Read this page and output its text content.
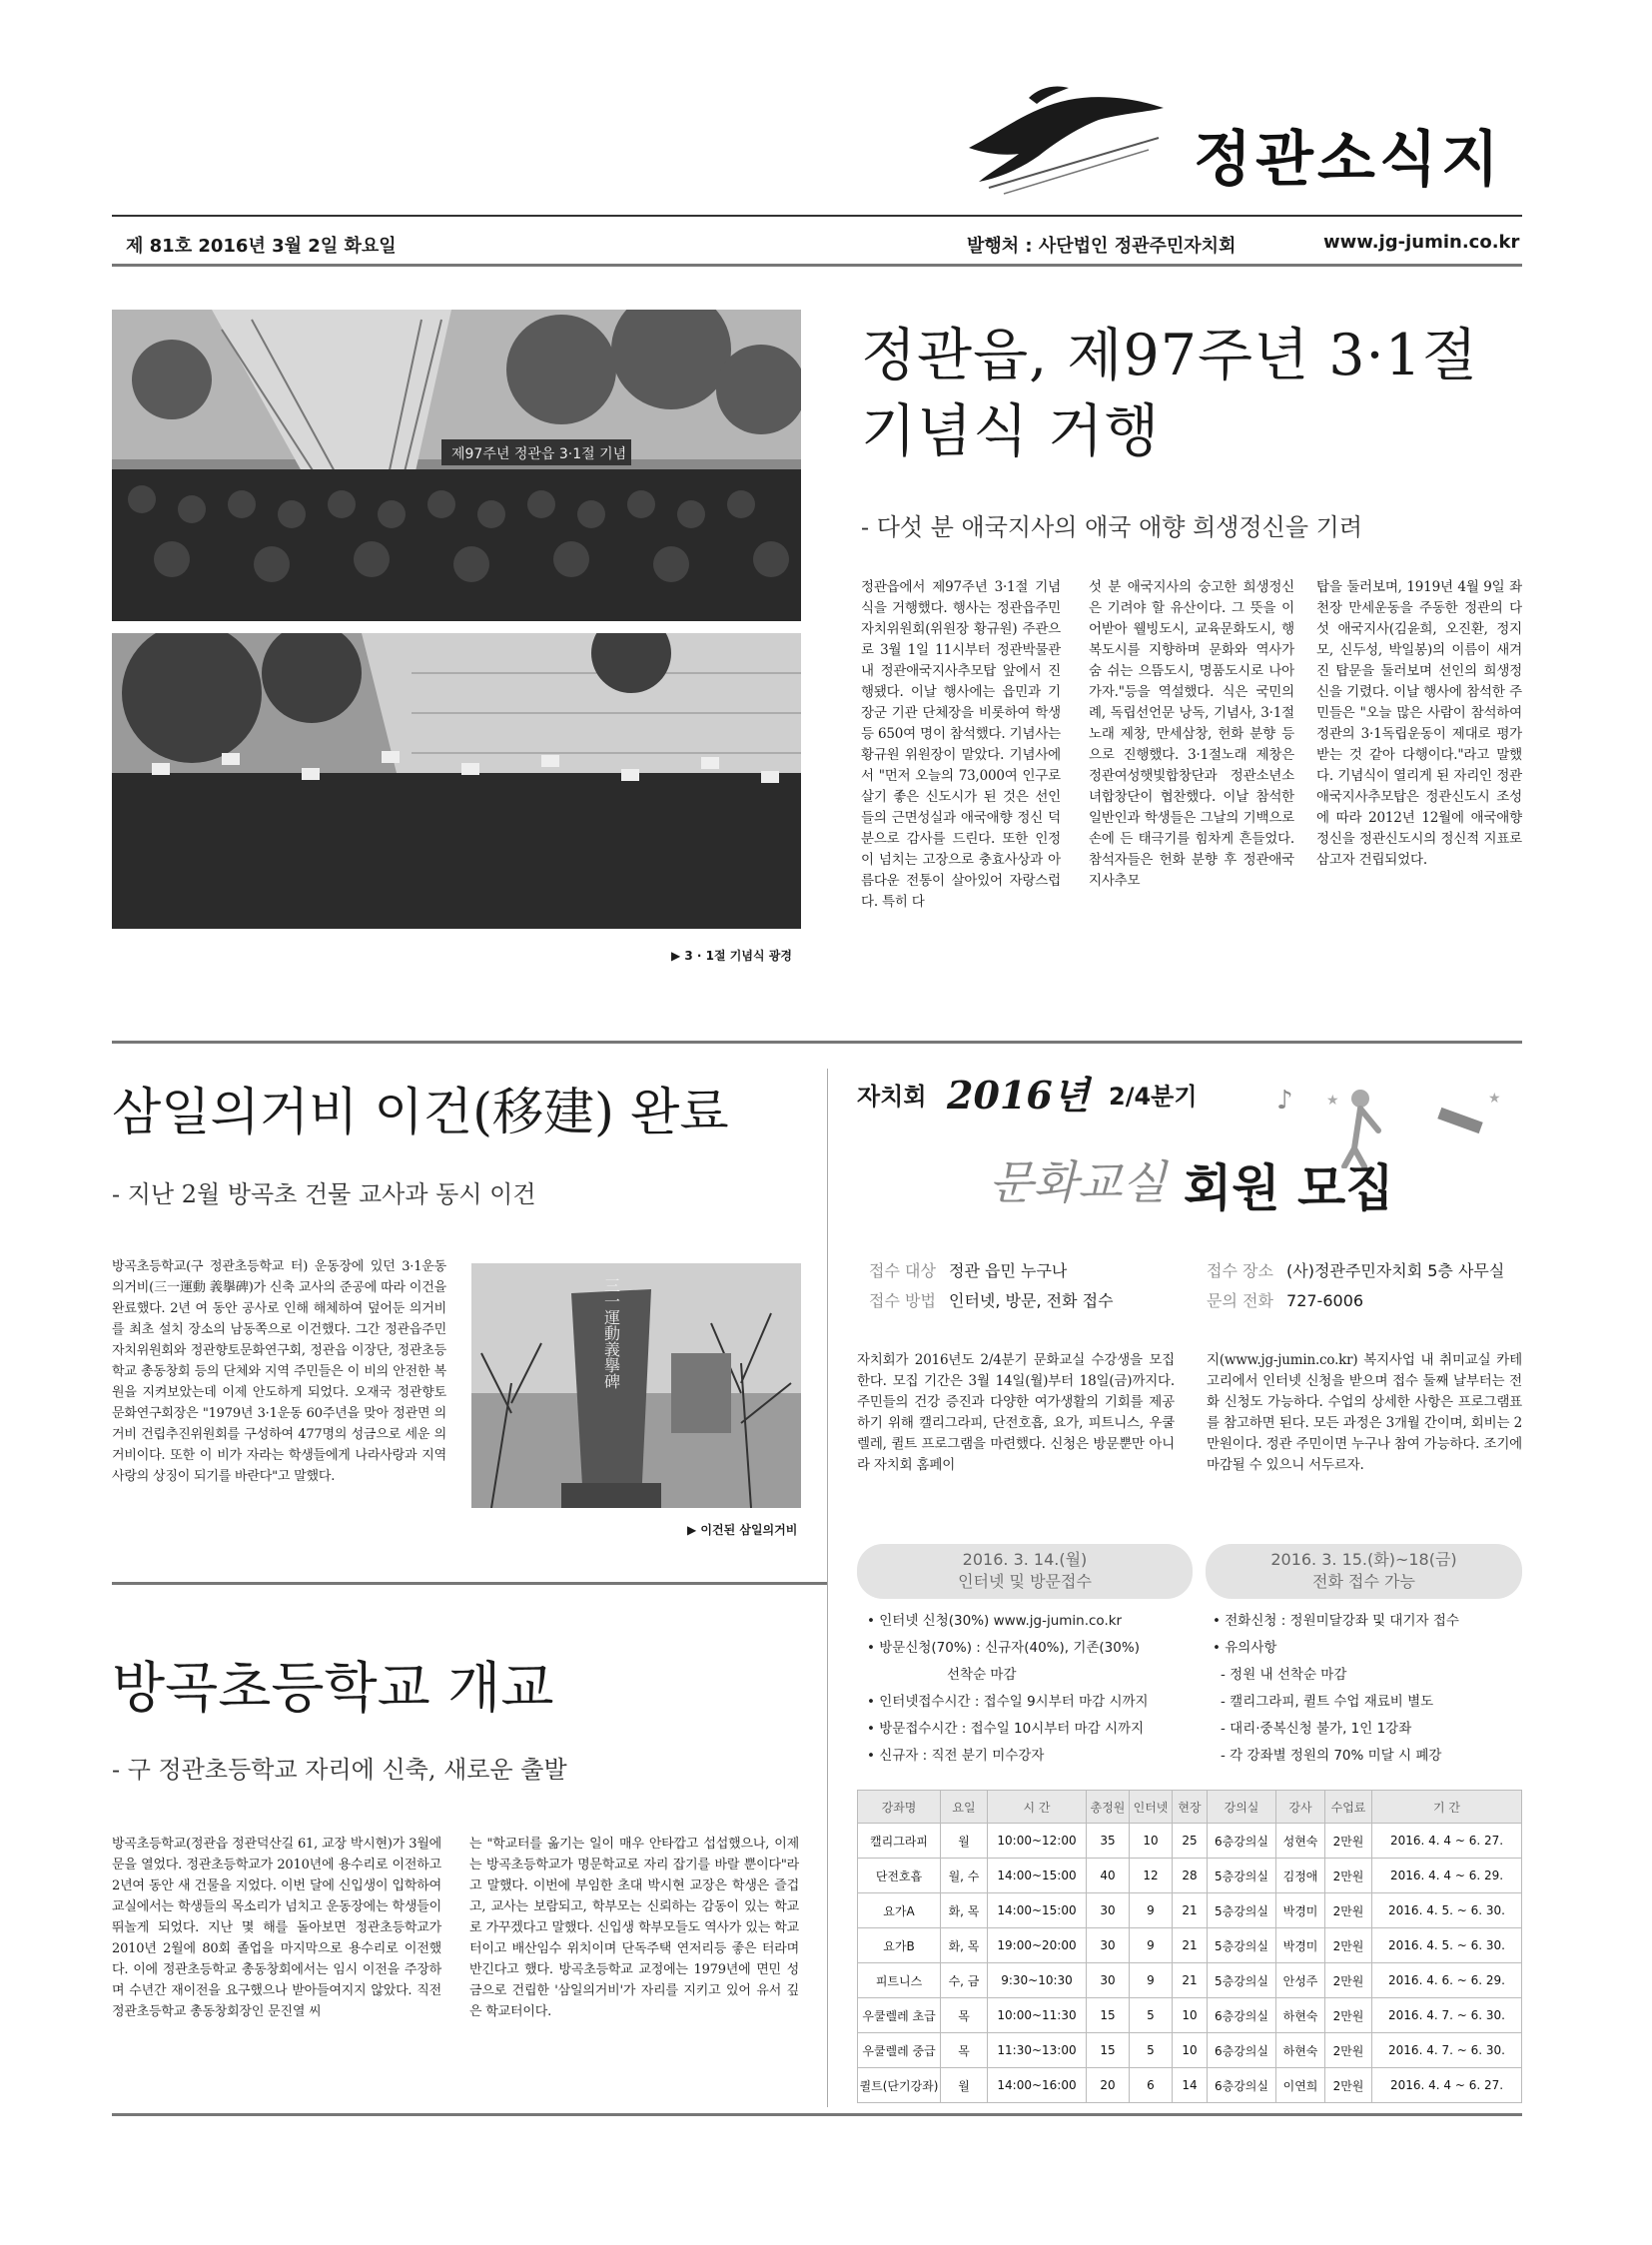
정관소식지
제 81호 2016년 3월 2일 화요일	발행처 : 사단법인 정관주민자치회	www.jg-jumin.co.kr
제97주년 정관읍 3·1절 기념
▶ 3 · 1절 기념식 광경
정관읍, 제97주년 3·1절
기념식 거행
- 다섯 분 애국지사의 애국 애향 희생정신을 기려
정관읍에서 제97주년 3·1절 기념식을 거행했다. 행사는 정관읍주민자치위원회(위원장 황규원) 주관으로 3월 1일 11시부터 정관박물관 내 정관애국지사추모탑 앞에서 진행됐다. 이날 행사에는 읍민과 기장군 기관 단체장을 비롯하여 학생 등 650여 명이 참석했다. 기념사는 황규원 위원장이 맡았다. 기념사에서 "먼저 오늘의 73,000여 인구로 살기 좋은 신도시가 된 것은 선인들의 근면성실과 애국애향 정신 덕분으로 감사를 드린다. 또한 인정이 넘치는 고장으로 충효사상과 아름다운 전통이 살아있어 자랑스럽다. 특히 다
섯 분 애국지사의 숭고한 희생정신은 기려야 할 유산이다. 그 뜻을 이어받아 웰빙도시, 교육문화도시, 행복도시를 지향하며 문화와 역사가 숨 쉬는 으뜸도시, 명품도시로 나아가자."등을 역설했다. 식은 국민의례, 독립선언문 낭독, 기념사, 3·1절 노래 제창, 만세삼창, 헌화 분향 등으로 진행했다. 3·1절노래 제창은 정관여성햇빛합창단과 정관소년소녀합창단이 협찬했다. 이날 참석한 일반인과 학생들은 그날의 기백으로 손에 든 태극기를 힘차게 흔들었다. 참석자들은 헌화 분향 후 정관애국지사추모
탑을 둘러보며, 1919년 4월 9일 좌천장 만세운동을 주동한 정관의 다섯 애국지사(김윤희, 오진환, 정지모, 신두성, 박일봉)의 이름이 새겨진 탑문을 둘러보며 선인의 희생정신을 기렸다. 이날 행사에 참석한 주민들은 "오늘 많은 사람이 참석하여 정관의 3·1독립운동이 제대로 평가받는 것 같아 다행이다."라고 말했다. 기념식이 열리게 된 자리인 정관애국지사추모탑은 정관신도시 조성에 따라 2012년 12월에 애국애향 정신을 정관신도시의 정신적 지표로 삼고자 건립되었다.
삼일의거비 이건(移建) 완료
- 지난 2월 방곡초 건물 교사과 동시 이건
방곡초등학교(구 정관초등학교 터) 운동장에 있던 3·1운동 의거비(三一運動 義擧碑)가 신축 교사의 준공에 따라 이건을 완료했다. 2년 여 동안 공사로 인해 해체하여 덮어둔 의거비를 최초 설치 장소의 남동쪽으로 이건했다. 그간 정관읍주민자치위원회와 정관향토문화연구회, 정관읍 이장단, 정관초등학교 총동창회 등의 단체와 지역 주민들은 이 비의 안전한 복원을 지켜보았는데 이제 안도하게 되었다. 오재국 정관향토문화연구회장은 "1979년 3·1운동 60주년을 맞아 정관면 의거비 건립추진위원회를 구성하여 477명의 성금으로 세운 의거비이다. 또한 이 비가 자라는 학생들에게 나라사랑과 지역사랑의 상징이 되기를 바란다"고 말했다.
三一運動義擧碑
▶ 이건된 삼일의거비
방곡초등학교 개교
- 구 정관초등학교 자리에 신축, 새로운 출발
방곡초등학교(정관읍 정관덕산길 61, 교장 박시현)가 3월에 문을 열었다. 정관초등학교가 2010년에 용수리로 이전하고 2년여 동안 새 건물을 지었다. 이번 달에 신입생이 입학하여 교실에서는 학생들의 목소리가 넘치고 운동장에는 학생들이 뛰놀게 되었다. 지난 몇 해를 돌아보면 정관초등학교가 2010년 2월에 80회 졸업을 마지막으로 용수리로 이전했다. 이에 정관초등학교 총동창회에서는 임시 이전을 주장하며 수년간 재이전을 요구했으나 받아들여지지 않았다. 직전 정관초등학교 총동창회장인 문진열 씨
는 "학교터를 옮기는 일이 매우 안타깝고 섭섭했으나, 이제는 방곡초등학교가 명문학교로 자리 잡기를 바랄 뿐이다"라고 말했다. 이번에 부임한 초대 박시현 교장은 학생은 즐겁고, 교사는 보람되고, 학부모는 신뢰하는 감동이 있는 학교로 가꾸겠다고 말했다. 신입생 학부모들도 역사가 있는 학교터이고 배산임수 위치이며 단독주택 연저리등 좋은 터라며 반긴다고 했다. 방곡초등학교 교정에는 1979년에 면민 성금으로 건립한 '삼일의거비'가 자리를 지키고 있어 유서 깊은 학교터이다.
자치회 2016년 2/4분기	♪ ★	★
문화교실 회원 모집
접수 대상 정관 읍민 누구나
접수 방법 인터넷, 방문, 전화 접수
접수 장소 (사)정관주민자치회 5층 사무실
문의 전화 727-6006
자치회가 2016년도 2/4분기 문화교실 수강생을 모집한다. 모집 기간은 3월 14일(월)부터 18일(금)까지다. 주민들의 건강 증진과 다양한 여가생활의 기회를 제공하기 위해 캘리그라피, 단전호흡, 요가, 피트니스, 우쿨렐레, 퀼트 프로그램을 마련했다. 신청은 방문뿐만 아니라 자치회 홈페이
지(www.jg-jumin.co.kr) 복지사업 내 취미교실 카테고리에서 인터넷 신청을 받으며 접수 둘째 날부터는 전화 신청도 가능하다. 수업의 상세한 사항은 프로그램표를 참고하면 된다. 모든 과정은 3개월 간이며, 회비는 2만원이다. 정관 주민이면 누구나 참여 가능하다. 조기에 마감될 수 있으니 서두르자.
2016. 3. 14.(월)
인터넷 및 방문접수
2016. 3. 15.(화)~18(금)
전화 접수 가능
• 인터넷 신청(30%) www.jg-jumin.co.kr
• 방문신청(70%) : 신규자(40%), 기존(30%)
선착순 마감
• 인터넷접수시간 : 접수일 9시부터 마감 시까지
• 방문접수시간 : 접수일 10시부터 마감 시까지
• 신규자 : 직전 분기 미수강자
• 전화신청 : 정원미달강좌 및 대기자 접수
• 유의사항
- 정원 내 선착순 마감
- 캘리그라피, 퀼트 수업 재료비 별도
- 대리·중복신청 불가, 1인 1강좌
- 각 강좌별 정원의 70% 미달 시 폐강
강좌명	요일	시 간	총정원	인터넷	현장	강의실	강사	수업료	기 간
캘리그라피	월	10:00~12:00	35	10	25	6층강의실	성현숙	2만원	2016. 4. 4 ~ 6. 27.
단전호흡	월, 수	14:00~15:00	40	12	28	5층강의실	김정애	2만원	2016. 4. 4 ~ 6. 29.
요가A	화, 목	14:00~15:00	30	9	21	5층강의실	박경미	2만원	2016. 4. 5. ~ 6. 30.
요가B	화, 목	19:00~20:00	30	9	21	5층강의실	박경미	2만원	2016. 4. 5. ~ 6. 30.
피트니스	수, 금	9:30~10:30	30	9	21	5층강의실	안성주	2만원	2016. 4. 6. ~ 6. 29.
우쿨렐레 초급	목	10:00~11:30	15	5	10	6층강의실	하현숙	2만원	2016. 4. 7. ~ 6. 30.
우쿨렐레 중급	목	11:30~13:00	15	5	10	6층강의실	하현숙	2만원	2016. 4. 7. ~ 6. 30.
퀼트(단기강좌)	월	14:00~16:00	20	6	14	6층강의실	이연희	2만원	2016. 4. 4 ~ 6. 27.
